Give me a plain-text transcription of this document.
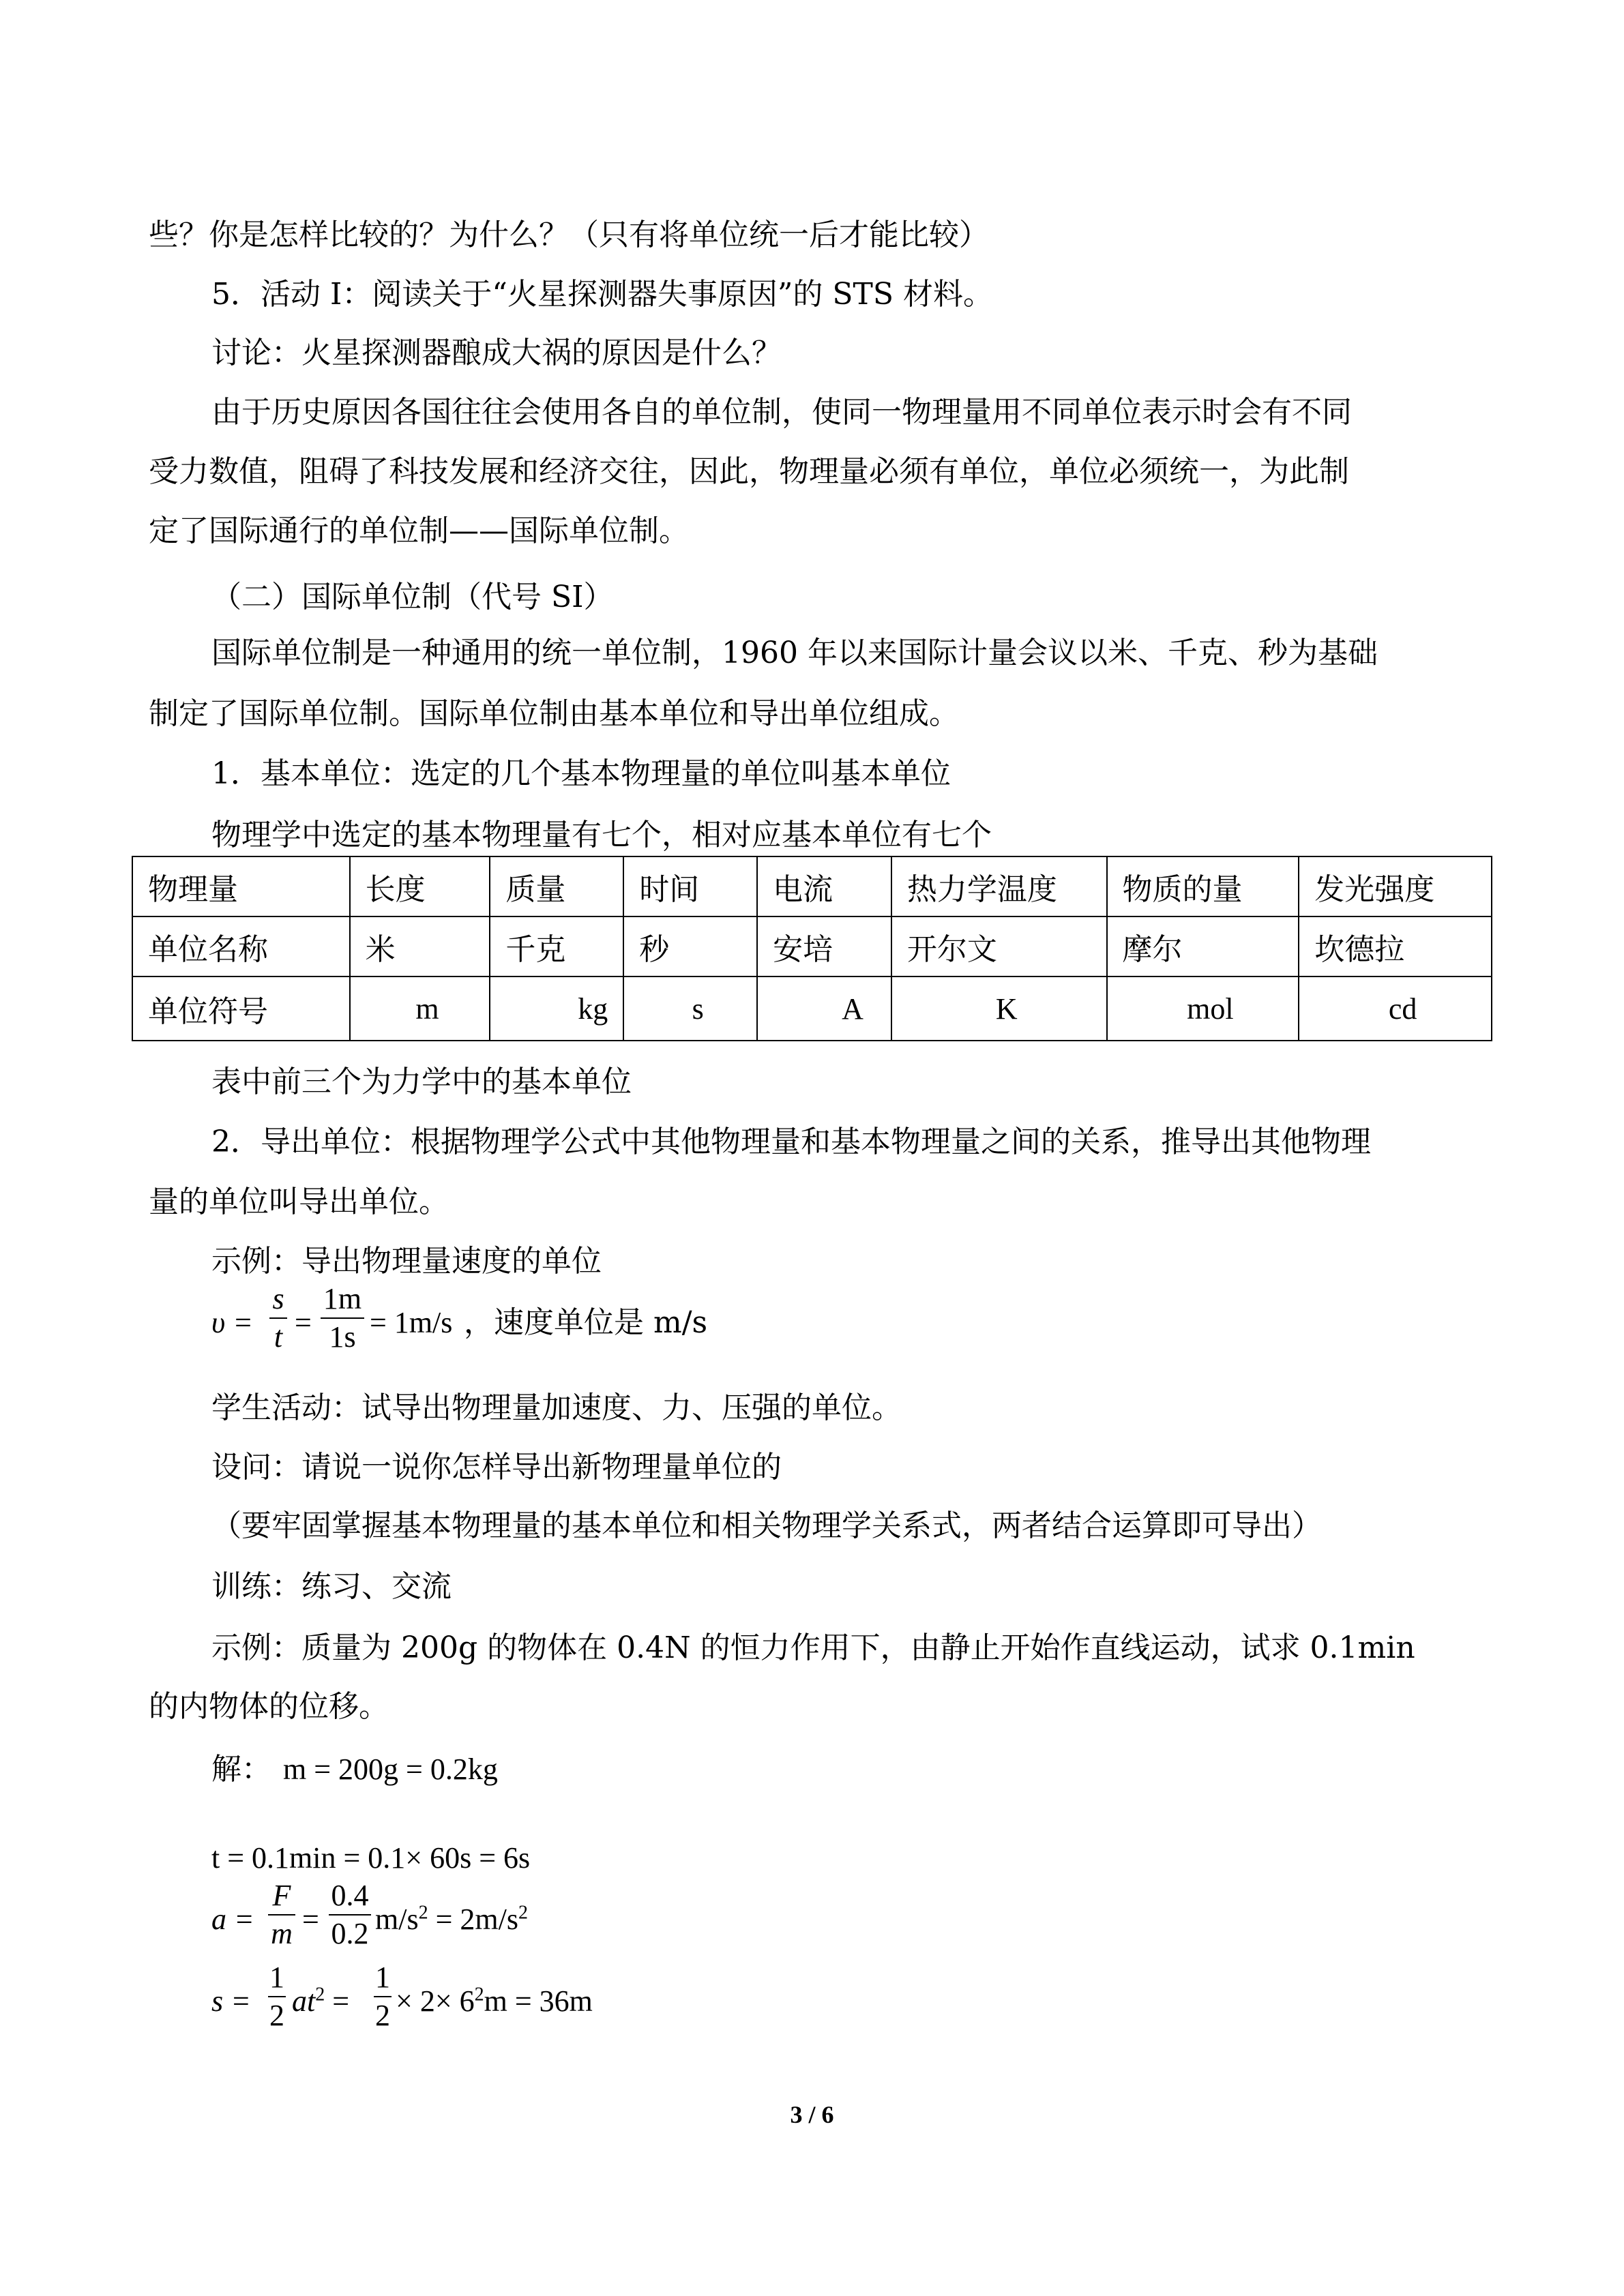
些？你是怎样比较的？为什么？（只有将单位统一后才能比较）
5．活动 I：阅读关于“火星探测器失事原因”的 STS 材料。
讨论：火星探测器酿成大祸的原因是什么？
由于历史原因各国往往会使用各自的单位制，使同一物理量用不同单位表示时会有不同
受力数值，阻碍了科技发展和经济交往，因此，物理量必须有单位，单位必须统一，为此制
定了国际通行的单位制——国际单位制。
（二）国际单位制（代号 SI）
国际单位制是一种通用的统一单位制，1960 年以来国际计量会议以米、千克、秒为基础
制定了国际单位制。国际单位制由基本单位和导出单位组成。
1．基本单位：选定的几个基本物理量的单位叫基本单位
物理学中选定的基本物理量有七个，相对应基本单位有七个
物理量	长度	质量	时间	电流	热力学温度	物质的量	发光强度
单位名称	米	千克	秒	安培	开尔文	摩尔	坎德拉
单位符号	m	kg	s	A	K	mol	cd
表中前三个为力学中的基本单位
2．导出单位：根据物理学公式中其他物理量和基本物理量之间的关系，推导出其他物理
量的单位叫导出单位。
示例：导出物理量速度的单位
υ =
s
t =
1m
1s = 1m/s ，速度单位是 m/s
学生活动：试导出物理量加速度、力、压强的单位。
设问：请说一说你怎样导出新物理量单位的
（要牢固掌握基本物理量的基本单位和相关物理学关系式，两者结合运算即可导出）
训练：练习、交流
示例：质量为 200g 的物体在 0.4N 的恒力作用下，由静止开始作直线运动，试求 0.1min
的内物体的位移。
解： m = 200g = 0.2kg
t = 0.1min = 0.1× 60s = 6s
a =
F
m =
0.4
0.2 $m/s^2 = 2m/s^2$
s =
1
2 $at^2$ =
1
$2 \times 2\times 6^2m = 36m$
3 / 6
